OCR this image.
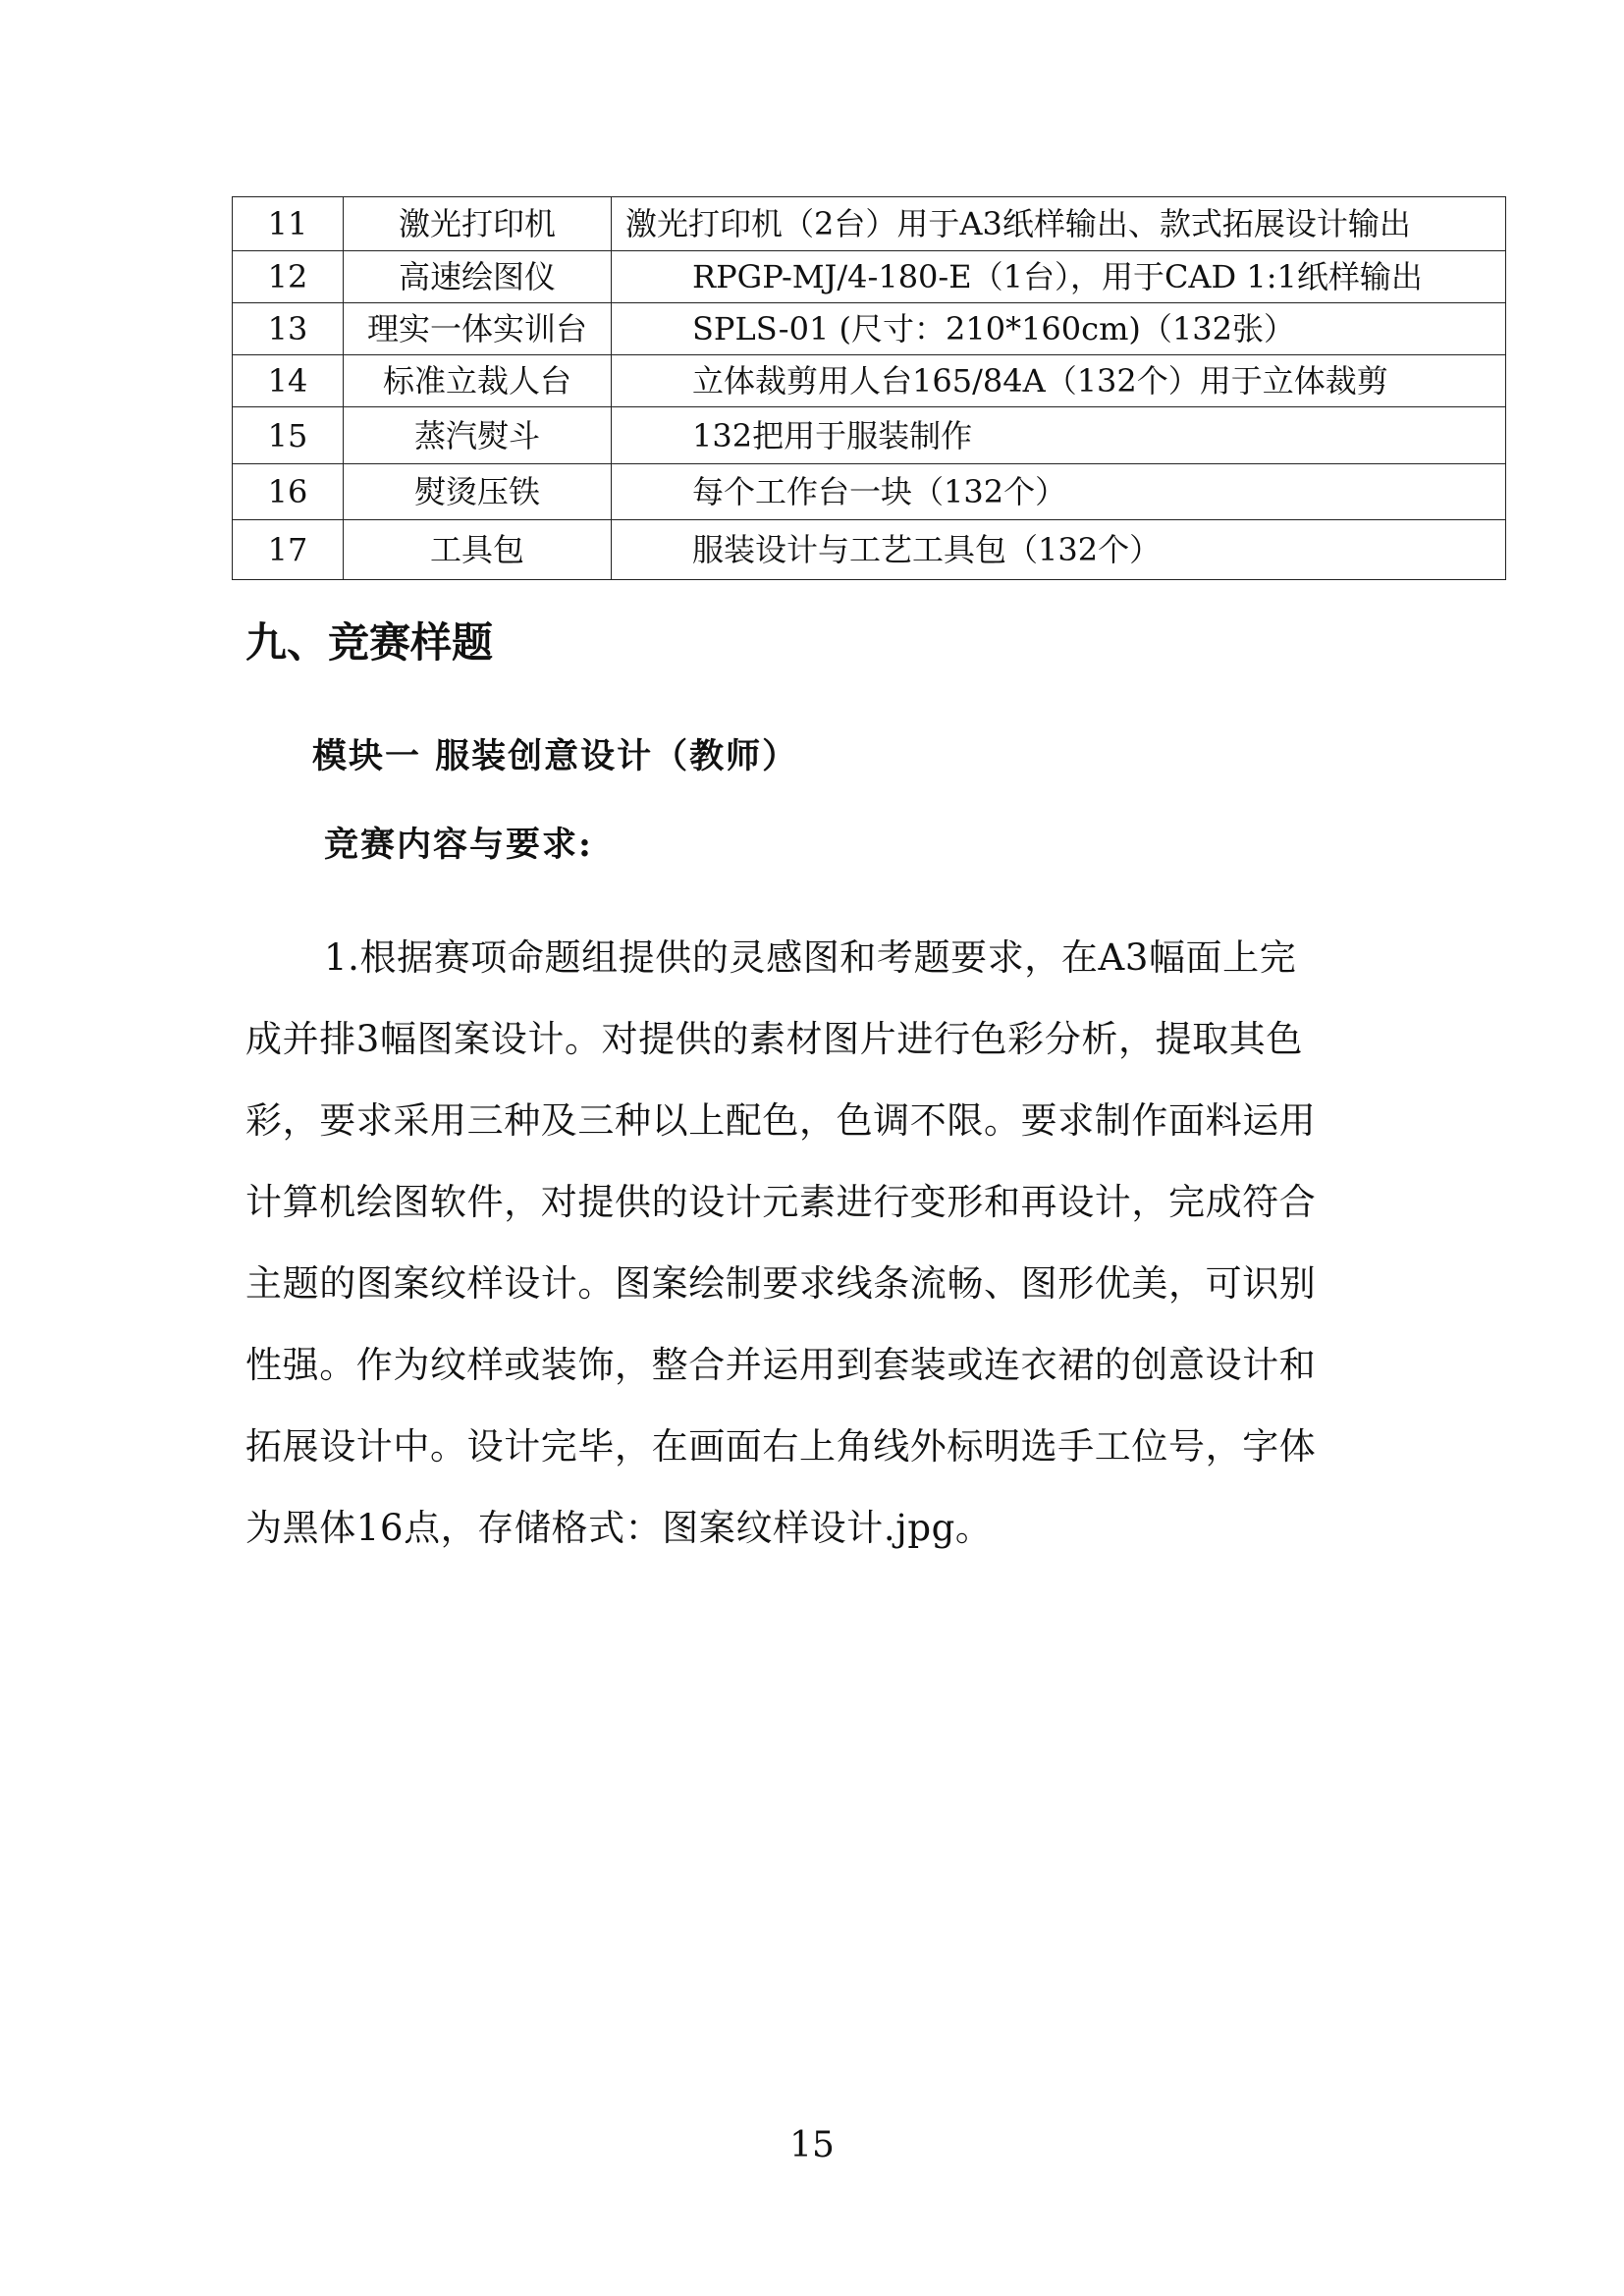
11	激光打印机	激光打印机（2台）用于A3纸样输出、款式拓展设计输出
12	高速绘图仪	RPGP-MJ/4-180-E（1台），用于CAD 1:1纸样输出
13	理实一体实训台	SPLS-01 (尺寸：210*160cm)（132张）
14	标准立裁人台	立体裁剪用人台165/84A（132个）用于立体裁剪
15	蒸汽熨斗	132把用于服装制作
16	熨烫压铁	每个工作台一块（132个）
17	工具包	服装设计与工艺工具包（132个）
九、竞赛样题
模块一 服装创意设计（教师）
竞赛内容与要求:
1.根据赛项命题组提供的灵感图和考题要求，在A3幅面上完
成并排3幅图案设计。对提供的素材图片进行色彩分析，提取其色
彩，要求采用三种及三种以上配色，色调不限。要求制作面料运用
计算机绘图软件，对提供的设计元素进行变形和再设计，完成符合
主题的图案纹样设计。图案绘制要求线条流畅、图形优美，可识别
性强。作为纹样或装饰，整合并运用到套装或连衣裙的创意设计和
拓展设计中。设计完毕，在画面右上角线外标明选手工位号，字体
为黑体16点，存储格式：图案纹样设计.jpg。
15
